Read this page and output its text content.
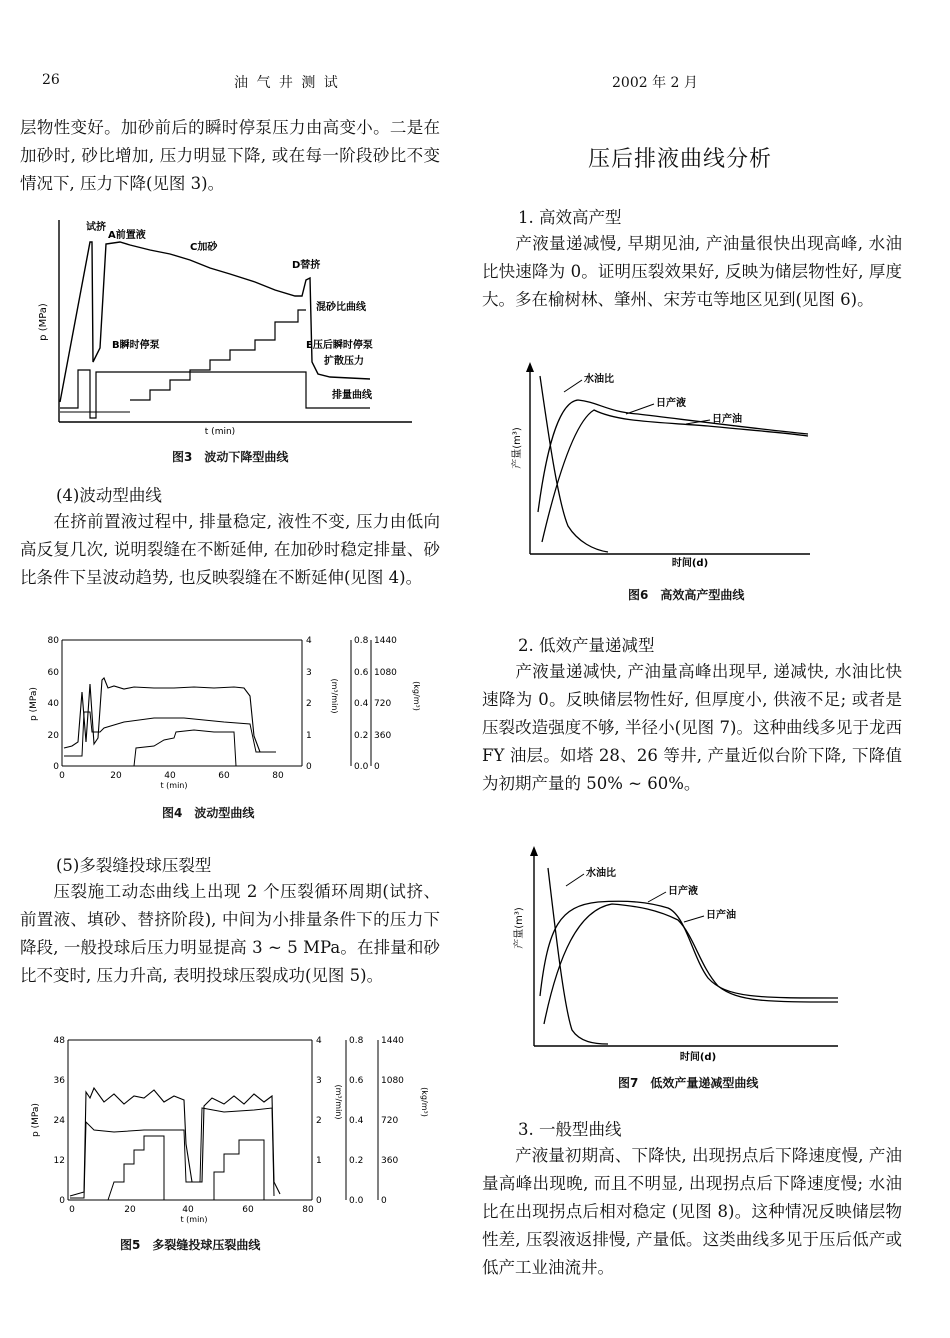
26	油 气 井 测 试	2002 年 2 月

层物性变好。加砂前后的瞬时停泵压力由高变小。二是在加砂时, 砂比增加, 压力明显下降, 或在每一阶段砂比不变情况下, 压力下降(见图 3)。

p (MPa)
t (min)
试挤
A前置液
C加砂
D替挤
混砂比曲线
B瞬时停泵	E压后瞬时停泵
扩散压力
排量曲线
图3　波动下降型曲线

(4)波动型曲线

在挤前置液过程中, 排量稳定, 液性不变, 压力由低向高反复几次, 说明裂缝在不断延伸, 在加砂时稳定排量、砂比条件下呈波动趋势, 也反映裂缝在不断延伸(见图 4)。

0
20
40
60
80
0
1
2
3
4
0.0
0.2
0.4
0.6
0.8
0
360
720
1080
1440
0	20	40	60	80
t (min)
p (MPa)	(m³/min)	(kg/m³)
图4　波动型曲线

(5)多裂缝投球压裂型

压裂施工动态曲线上出现 2 个压裂循环周期(试挤、前置液、填砂、替挤阶段), 中间为小排量条件下的压力下降段, 一般投球后压力明显提高 3 ~ 5 MPa。在排量和砂比不变时, 压力升高, 表明投球压裂成功(见图 5)。

0
12
24
36
48
0
1
2
3
4
0.0
0.2
0.4
0.6
0.8
0
360
720
1080
1440
0	20	40	60	80
t (min)
p (MPa)
(m³/min)	(kg/m³)
图5　多裂缝投球压裂曲线
压后排液曲线分析

1. 高效高产型

产液量递减慢, 早期见油, 产油量很快出现高峰, 水油比快速降为 0。证明压裂效果好, 反映为储层物性好, 厚度大。多在榆树林、肇州、宋芳屯等地区见到(见图 6)。

水油比
日产液
日产油
产量(m³)
时间(d)
图6　高效高产型曲线

2. 低效产量递减型

产液量递减快, 产油量高峰出现早, 递减快, 水油比快速降为 0。反映储层物性好, 但厚度小, 供液不足; 或者是压裂改造强度不够, 半径小(见图 7)。这种曲线多见于龙西 FY 油层。如塔 28、26 等井, 产量近似台阶下降, 下降值为初期产量的 50% ~ 60%。

水油比
日产液
日产油
产量(m³)
时间(d)
图7　低效产量递减型曲线

3. 一般型曲线

产液量初期高、下降快, 出现拐点后下降速度慢, 产油量高峰出现晚, 而且不明显, 出现拐点后下降速度慢; 水油比在出现拐点后相对稳定 (见图 8)。这种情况反映储层物性差, 压裂液返排慢, 产量低。这类曲线多见于压后低产或低产工业油流井。
